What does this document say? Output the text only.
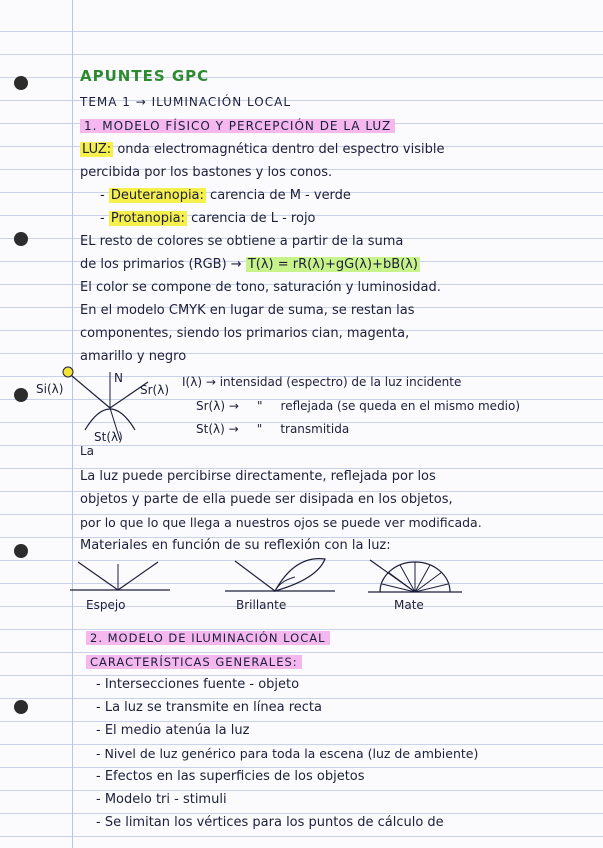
APUNTES GPC
TEMA 1 → ILUMINACIÓN LOCAL
1. MODELO FÍSICO Y PERCEPCIÓN DE LA LUZ
LUZ: onda electromagnética dentro del espectro visible
percibida por los bastones y los conos.
- Deuteranopia: carencia de M - verde
- Protanopia: carencia de L - rojo
EL resto de colores se obtiene a partir de la suma
de los primarios (RGB) → T(λ) = rR(λ)+gG(λ)+bB(λ)
El color se compone de tono, saturación y luminosidad.
En el modelo CMYK en lugar de suma, se restan las
componentes, siendo los primarios cian, magenta,
amarillo y negro
Si(λ)
N
Sr(λ)
St(λ)
La
I(λ) → intensidad (espectro) de la luz incidente
Sr(λ) → " reflejada (se queda en el mismo medio)
St(λ) → " transmitida
La luz puede percibirse directamente, reflejada por los
objetos y parte de ella puede ser disipada en los objetos,
por lo que lo que llega a nuestros ojos se puede ver modificada.
Materiales en función de su reflexión con la luz:
Espejo	Brillante	Mate
2. MODELO DE ILUMINACIÓN LOCAL
CARACTERÍSTICAS GENERALES:
- Intersecciones fuente - objeto
- La luz se transmite en línea recta
- El medio atenúa la luz
- Nivel de luz genérico para toda la escena (luz de ambiente)
- Efectos en las superficies de los objetos
- Modelo tri - stimuli
- Se limitan los vértices para los puntos de cálculo de
